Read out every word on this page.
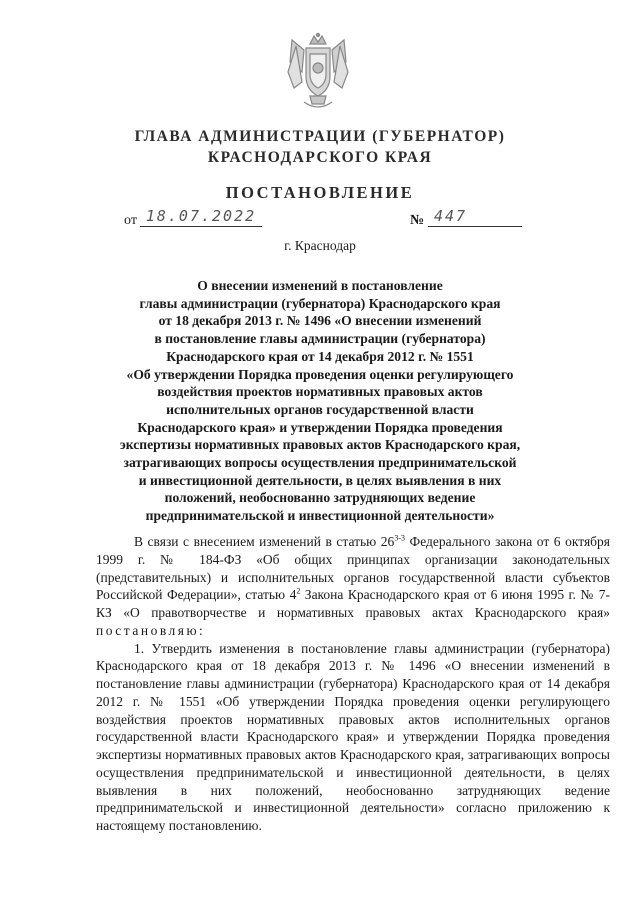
ГЛАВА АДМИНИСТРАЦИИ (ГУБЕРНАТОР)
КРАСНОДАРСКОГО КРАЯ
ПОСТАНОВЛЕНИЕ
от 18.07.2022	№ 447
г. Краснодар
О внесении изменений в постановление
главы администрации (губернатора) Краснодарского края
от 18 декабря 2013 г. № 1496 «О внесении изменений
в постановление главы администрации (губернатора)
Краснодарского края от 14 декабря 2012 г. № 1551
«Об утверждении Порядка проведения оценки регулирующего
воздействия проектов нормативных правовых актов
исполнительных органов государственной власти
Краснодарского края» и утверждении Порядка проведения
экспертизы нормативных правовых актов Краснодарского края,
затрагивающих вопросы осуществления предпринимательской
и инвестиционной деятельности, в целях выявления в них
положений, необоснованно затрудняющих ведение
предпринимательской и инвестиционной деятельности»

В связи с внесением изменений в статью 26$^{3-3}$ Федерального закона от 6 октября 1999 г. № 184-ФЗ «Об общих принципах организации законодательных (представительных) и исполнительных органов государственной власти субъектов Российской Федерации», статью $4^2$ Закона Краснодарского края от 6 июня 1995 г. № 7-КЗ «О правотворчестве и нормативных правовых актах Краснодарского края» постановляю:

1. Утвердить изменения в постановление главы администрации (губернатора) Краснодарского края от 18 декабря 2013 г. № 1496 «О внесении изменений в постановление главы администрации (губернатора) Краснодарского края от 14 декабря 2012 г. № 1551 «Об утверждении Порядка проведения оценки регулирующего воздействия проектов нормативных правовых актов исполнительных органов государственной власти Краснодарского края» и утверждении Порядка проведения экспертизы нормативных правовых актов Краснодарского края, затрагивающих вопросы осуществления предпринимательской и инвестиционной деятельности, в целях выявления в них положений, необоснованно затрудняющих ведение предпринимательской и инвестиционной деятельности» согласно приложению к настоящему постановлению.
